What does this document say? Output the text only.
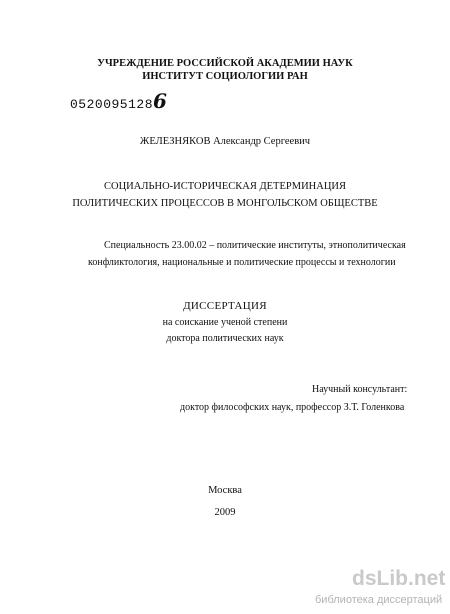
УЧРЕЖДЕНИЕ РОССИЙСКОЙ АКАДЕМИИ НАУК
ИНСТИТУТ СОЦИОЛОГИИ РАН
05200951286
ЖЕЛЕЗНЯКОВ Александр Сергеевич
СОЦИАЛЬНО-ИСТОРИЧЕСКАЯ ДЕТЕРМИНАЦИЯ
ПОЛИТИЧЕСКИХ ПРОЦЕССОВ В МОНГОЛЬСКОМ ОБЩЕСТВЕ
Специальность 23.00.02 – политические институты, этнополитическая
конфликтология, национальные и политические процессы и технологии
ДИССЕРТАЦИЯ
на соискание ученой степени
доктора политических наук
Научный консультант:
доктор философских наук, профессор З.Т. Голенкова
Москва
2009
dsLib.net
библиотека диссертаций
